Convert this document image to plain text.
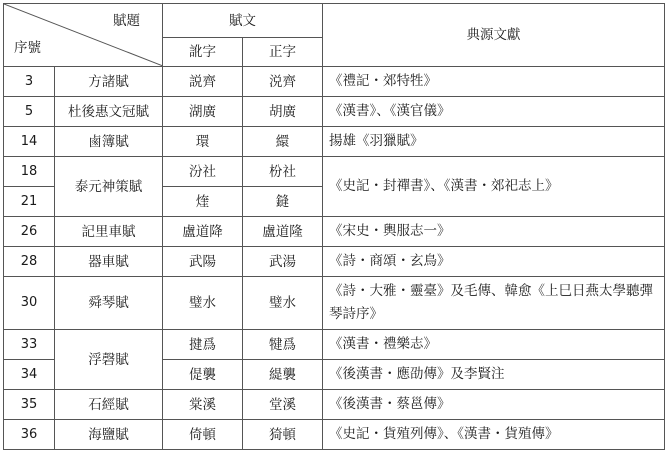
賦題
序號		賦文		典源文獻
		訛字	正字	
3	方諸賦	説齊	涚齊	《禮記・郊特牲》
5	杜後惠文冠賦	湖廣	胡廣	《漢書》、《漢官儀》
14	鹵簿賦	環	繯	揚雄《羽獵賦》
18	泰元神策賦	汾社	枌社	《史記・封禪書》、《漢書・郊祀志上》
21		煃	鏠	
26	記里車賦	盧道降	盧道隆	《宋史・輿服志一》
28	器車賦	武陽	武湯	《詩・商頌・玄鳥》
30	舜琴賦	璧水	璧水	《詩・大雅・靈臺》及毛傳、韓愈《上巳日燕太學聽彈琴詩序》
33	浮磬賦	揵爲	犍爲	《漢書・禮樂志》
34		偍襲	緹襲	《後漢書・應劭傳》及李賢注
35	石經賦	棠溪	堂溪	《後漢書・蔡邕傳》
36	海鹽賦	倚頓	猗頓	《史記・貨殖列傳》、《漢書・貨殖傳》
